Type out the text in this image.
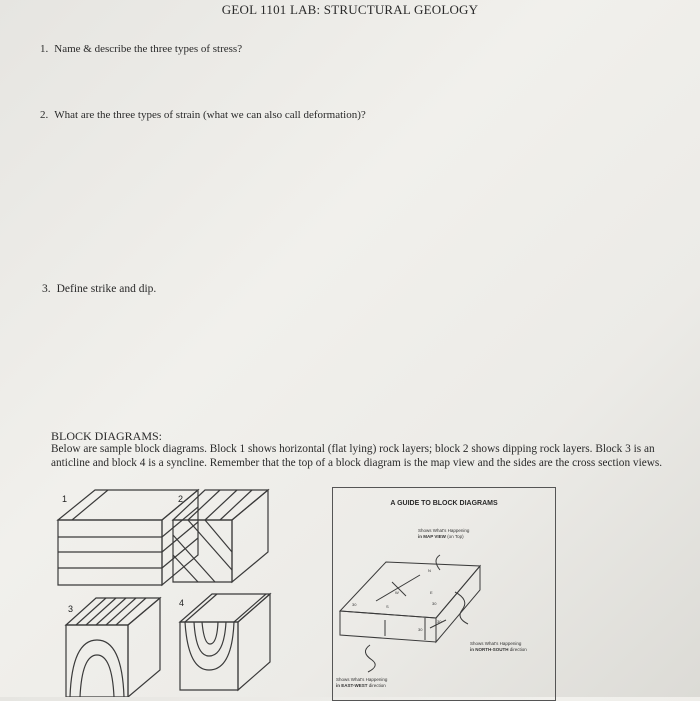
GEOL 1101 LAB: STRUCTURAL GEOLOGY
1. Name & describe the three types of stress?
2. What are the three types of strain (what we can also call deformation)?
3. Define strike and dip.
BLOCK DIAGRAMS:
Below are sample block diagrams. Block 1 shows horizontal (flat lying) rock layers; block 2 shows dipping rock layers. Block 3 is an anticline and block 4 is a syncline. Remember that the top of a block diagram is the map view and the sides are the cross section views.
1	2
3
4
W	E
N
S
30
30
30
30
A GUIDE TO BLOCK DIAGRAMS
Shows What's Happening
in MAP VIEW (on Top)
Shows What's Happening
in NORTH-SOUTH direction
Shows What's Happening
in EAST-WEST direction
